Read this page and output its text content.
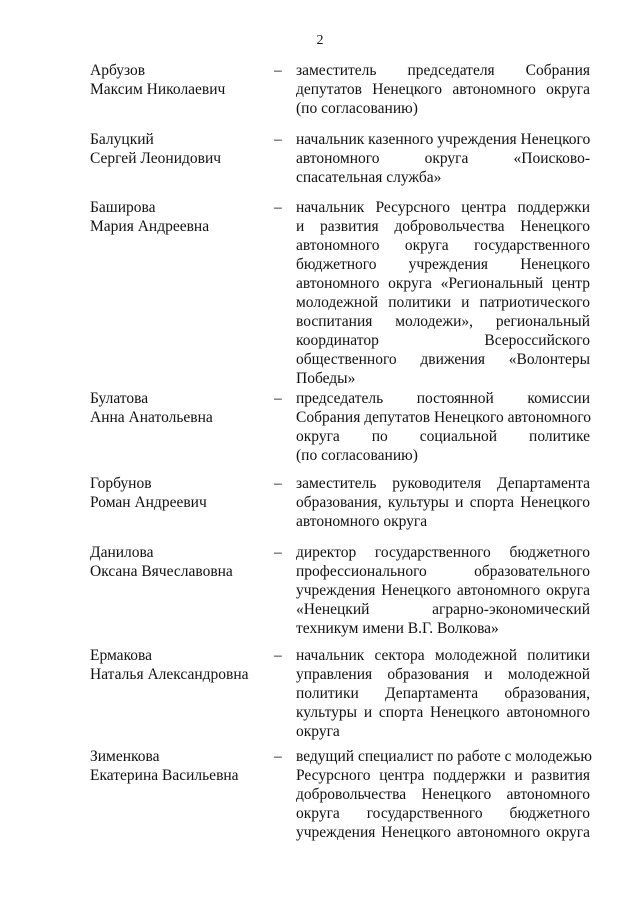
2
Арбузов
Максим Николаевич
– заместитель председателя Собрания
депутатов Ненецкого автономного округа
(по согласованию)
Балуцкий
Сергей Леонидович
– начальник казенного учреждения Ненецкого
автономного округа «Поисково-
спасательная служба»
Баширова
Мария Андреевна
– начальник Ресурсного центра поддержки
и развития добровольчества Ненецкого
автономного округа государственного
бюджетного учреждения Ненецкого
автономного округа «Региональный центр
молодежной политики и патриотического
воспитания молодежи», региональный
координатор Всероссийского
общественного движения «Волонтеры
Победы»
Булатова
Анна Анатольевна
– председатель постоянной комиссии
Собрания депутатов Ненецкого автономного
округа по социальной политике
(по согласованию)
Горбунов
Роман Андреевич
– заместитель руководителя Департамента
образования, культуры и спорта Ненецкого
автономного округа
Данилова
Оксана Вячеславовна
– директор государственного бюджетного
профессионального образовательного
учреждения Ненецкого автономного округа
«Ненецкий аграрно-экономический
техникум имени В.Г. Волкова»
Ермакова
Наталья Александровна
– начальник сектора молодежной политики
управления образования и молодежной
политики Департамента образования,
культуры и спорта Ненецкого автономного
округа
Зименкова
Екатерина Васильевна
– ведущий специалист по работе с молодежью
Ресурсного центра поддержки и развития
добровольчества Ненецкого автономного
округа государственного бюджетного
учреждения Ненецкого автономного округа
